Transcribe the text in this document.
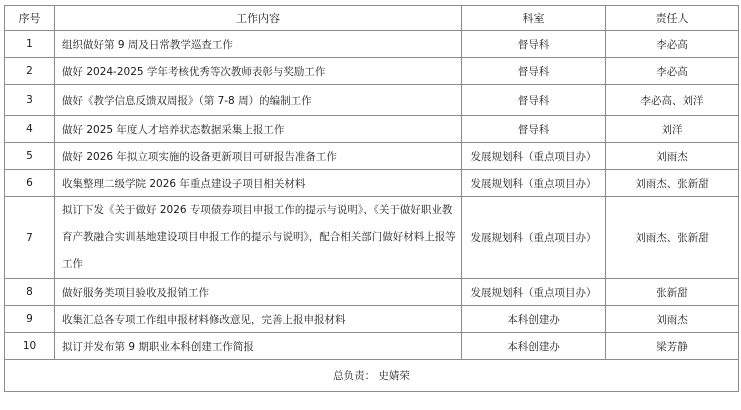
序号	工作内容	科室	责任人
1	组织做好第 9 周及日常教学巡查工作	督导科	李必高
2	做好 2024-2025 学年考核优秀等次教师表彰与奖励工作	督导科	李必高
3	做好《教学信息反馈双周报》（第 7-8 周）的编制工作	督导科	李必高、刘洋
4	做好 2025 年度人才培养状态数据采集上报工作	督导科	刘洋
5	做好 2026 年拟立项实施的设备更新项目可研报告准备工作	发展规划科（重点项目办）	刘雨杰
6	收集整理二级学院 2026 年重点建设子项目相关材料	发展规划科（重点项目办）	刘雨杰、张新甜
7	拟订下发《关于做好 2026 专项债券项目申报工作的提示与说明》、《关于做好职业教育产教融合实训基地建设项目申报工作的提示与说明》，配合相关部门做好材料上报等工作	发展规划科（重点项目办）	刘雨杰、张新甜
8	做好服务类项目验收及报销工作	发展规划科（重点项目办）	张新甜
9	收集汇总各专项工作组申报材料修改意见，完善上报申报材料	本科创建办	刘雨杰
10	拟订并发布第 9 期职业本科创建工作简报	本科创建办	梁芳静
总负责： 史婧荣			
